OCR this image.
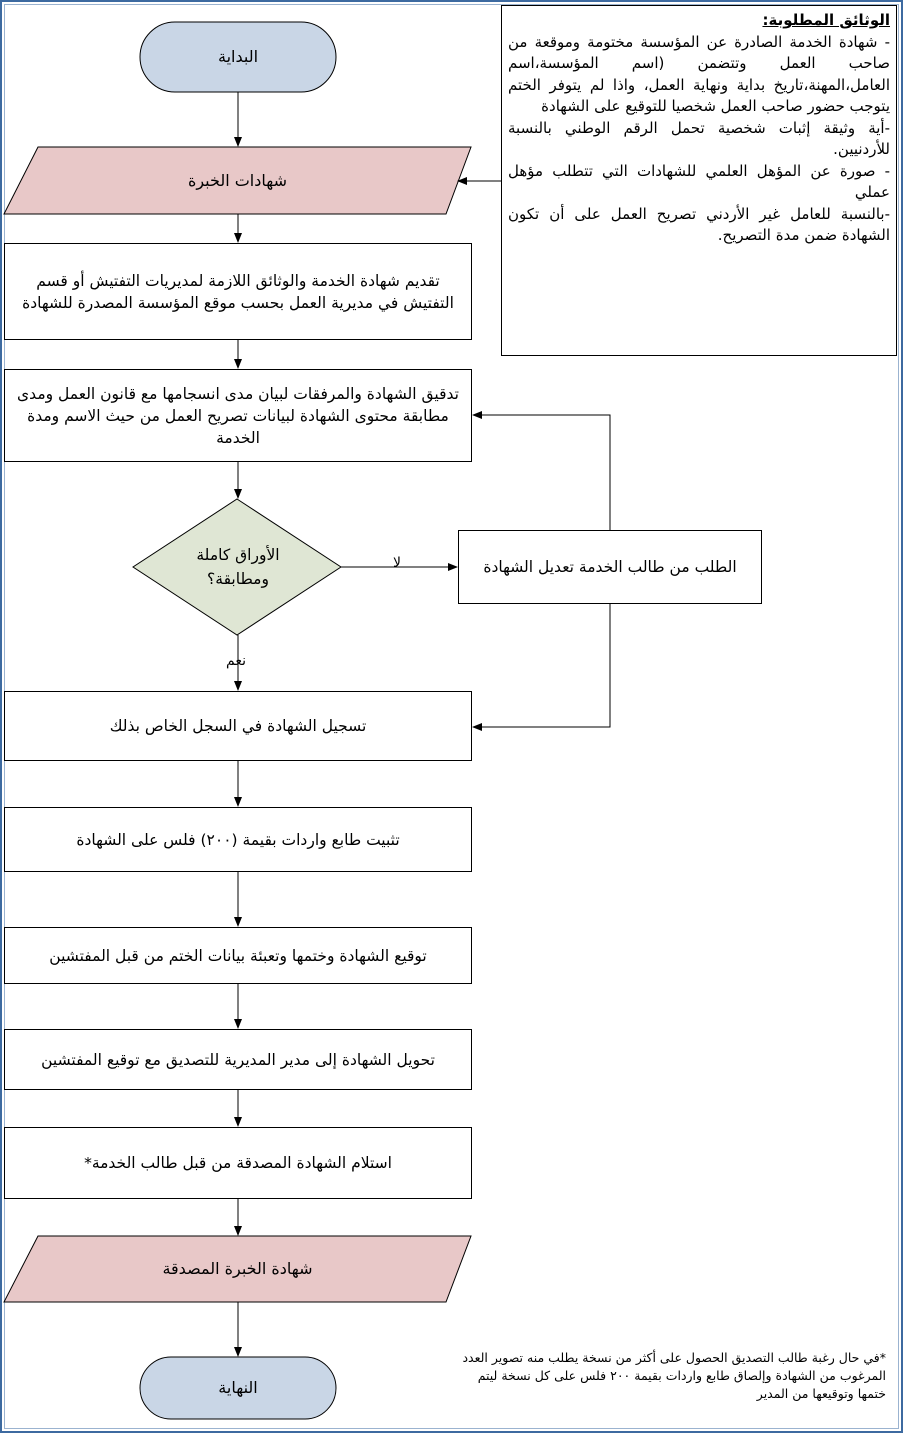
البداية
شهادات الخبرة
تقديم شهادة الخدمة والوثائق اللازمة لمديريات التفتيش أو قسم التفتيش في مديرية العمل بحسب موقع المؤسسة المصدرة للشهادة
تدقيق الشهادة والمرفقات لبيان مدى انسجامها مع قانون العمل ومدى مطابقة محتوى الشهادة لبيانات تصريح العمل من حيث الاسم ومدة الخدمة
الأوراق كاملة ومطابقة؟
لا
نعم
الطلب من طالب الخدمة تعديل الشهادة
تسجيل الشهادة في السجل الخاص بذلك
تثبيت طابع واردات بقيمة (٢٠٠) فلس على الشهادة
توقيع الشهادة وختمها وتعبئة بيانات الختم من قبل المفتشين
تحويل الشهادة إلى مدير المديرية للتصديق مع توقيع المفتشين
استلام الشهادة المصدقة من قبل طالب الخدمة*
شهادة الخبرة المصدقة
النهاية
الوثائق المطلوبة:

- شهادة الخدمة الصادرة عن المؤسسة مختومة وموقعة من صاحب العمل وتتضمن (اسم المؤسسة،اسم العامل،المهنة،تاريخ بداية ونهاية العمل، واذا لم يتوفر الختم يتوجب حضور صاحب العمل شخصيا للتوقيع على الشهادة

-أية وثيقة إثبات شخصية تحمل الرقم الوطني بالنسبة للأردنيين.

- صورة عن المؤهل العلمي للشهادات التي تتطلب مؤهل عملي

-بالنسبة للعامل غير الأردني تصريح العمل على أن تكون الشهادة ضمن مدة التصريح.

*في حال رغبة طالب التصديق الحصول على أكثر من نسخة يطلب منه تصوير العدد المرغوب من الشهادة وإلصاق طابع واردات بقيمة ٢٠٠ فلس على كل نسخة ليتم ختمها وتوقيعها من المدير
